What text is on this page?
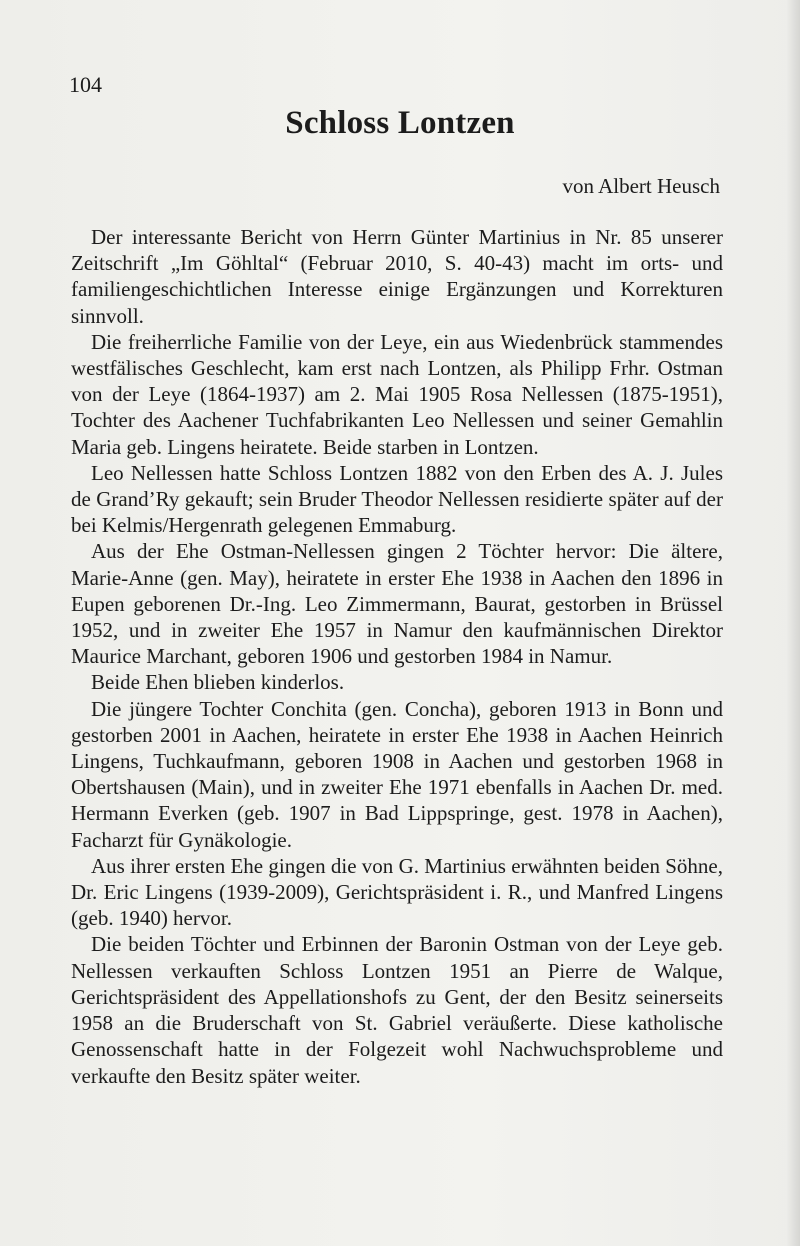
104
Schloss Lontzen
von Albert Heusch

Der interessante Bericht von Herrn Günter Martinius in Nr. 85 unserer Zeitschrift „Im Göhltal“ (Februar 2010, S. 40-43) macht im orts- und familiengeschichtlichen Interesse einige Ergänzungen und Korrekturen sinnvoll.

Die freiherrliche Familie von der Leye, ein aus Wiedenbrück stammendes westfälisches Geschlecht, kam erst nach Lontzen, als Philipp Frhr. Ostman von der Leye (1864-1937) am 2. Mai 1905 Rosa Nellessen (1875-1951), Tochter des Aachener Tuchfabrikanten Leo Nellessen und seiner Gemahlin Maria geb. Lingens heiratete. Beide starben in Lontzen.

Leo Nellessen hatte Schloss Lontzen 1882 von den Erben des A. J. Jules de Grand’Ry gekauft; sein Bruder Theodor Nellessen residierte später auf der bei Kelmis/Hergenrath gelegenen Emmaburg.

Aus der Ehe Ostman-Nellessen gingen 2 Töchter hervor: Die ältere, Marie-Anne (gen. May), heiratete in erster Ehe 1938 in Aachen den 1896 in Eupen geborenen Dr.-Ing. Leo Zimmermann, Baurat, gestorben in Brüssel 1952, und in zweiter Ehe 1957 in Namur den kaufmännischen Direktor Maurice Marchant, geboren 1906 und gestorben 1984 in Namur.

Beide Ehen blieben kinderlos.

Die jüngere Tochter Conchita (gen. Concha), geboren 1913 in Bonn und gestorben 2001 in Aachen, heiratete in erster Ehe 1938 in Aachen Heinrich Lingens, Tuchkaufmann, geboren 1908 in Aachen und gestorben 1968 in Obertshausen (Main), und in zweiter Ehe 1971 ebenfalls in Aachen Dr. med. Hermann Everken (geb. 1907 in Bad Lippspringe, gest. 1978 in Aachen), Facharzt für Gynäkologie.

Aus ihrer ersten Ehe gingen die von G. Martinius erwähnten beiden Söhne, Dr. Eric Lingens (1939-2009), Gerichtspräsident i. R., und Manfred Lingens (geb. 1940) hervor.

Die beiden Töchter und Erbinnen der Baronin Ostman von der Leye geb. Nellessen verkauften Schloss Lontzen 1951 an Pierre de Walque, Gerichtspräsident des Appellationshofs zu Gent, der den Besitz seinerseits 1958 an die Bruderschaft von St. Gabriel veräußerte. Diese katholische Genossenschaft hatte in der Folgezeit wohl Nachwuchsprobleme und verkaufte den Besitz später weiter.
